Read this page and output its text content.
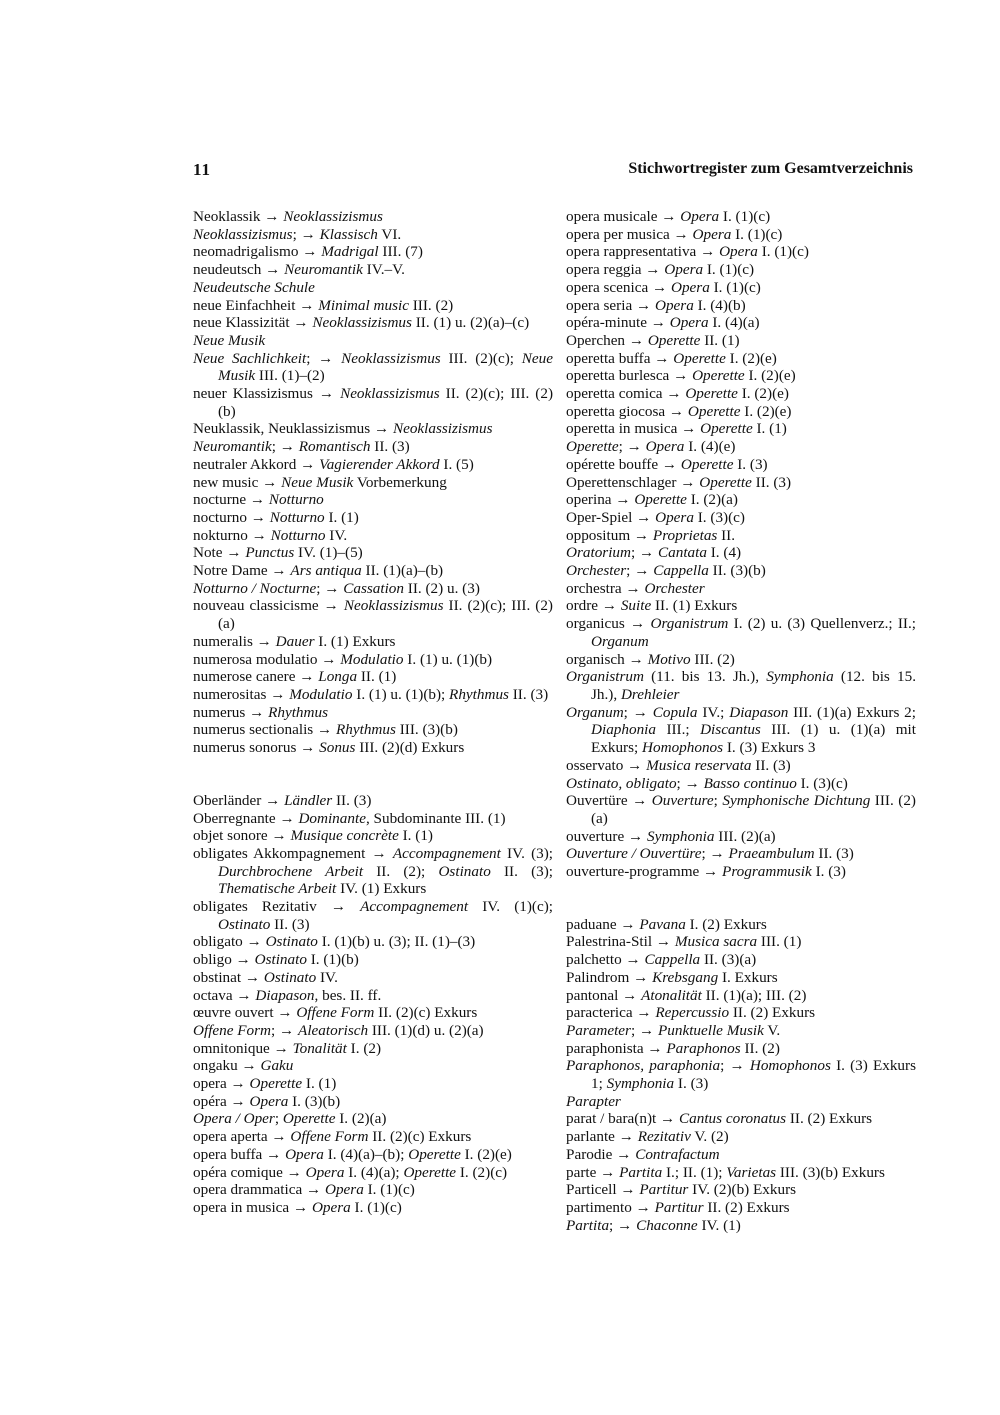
11	Stichwortregister zum Gesamtverzeichnis
Neoklassik → Neoklassizismus
Neoklassizismus; → Klassisch VI.
neomadrigalismo → Madrigal III. (7)
neudeutsch → Neuromantik IV.–V.
Neudeutsche Schule
neue Einfachheit → Minimal music III. (2)
neue Klassizität → Neoklassizismus II. (1) u. (2)(a)–(c)
Neue Musik
Neue Sachlichkeit; → Neoklassizismus III. (2)(c); Neue Musik III. (1)–(2)
neuer Klassizismus → Neoklassizismus II. (2)(c); III. (2)(b)
Neuklassik, Neuklassizismus → Neoklassizismus
Neuromantik; → Romantisch II. (3)
neutraler Akkord → Vagierender Akkord I. (5)
new music → Neue Musik Vorbemerkung
nocturne → Notturno
nocturno → Notturno I. (1)
nokturno → Notturno IV.
Note → Punctus IV. (1)–(5)
Notre Dame → Ars antiqua II. (1)(a)–(b)
Notturno / Nocturne; → Cassation II. (2) u. (3)
nouveau classicisme → Neoklassizismus II. (2)(c); III. (2)(a)
numeralis → Dauer I. (1) Exkurs
numerosa modulatio → Modulatio I. (1) u. (1)(b)
numerose canere → Longa II. (1)
numerositas → Modulatio I. (1) u. (1)(b); Rhythmus II. (3)
numerus → Rhythmus
numerus sectionalis → Rhythmus III. (3)(b)
numerus sonorus → Sonus III. (2)(d) Exkurs
Oberländer → Ländler II. (3)
Oberregnante → Dominante, Subdominante III. (1)
objet sonore → Musique concrète I. (1)
obligates Akkompagnement → Accompagnement IV. (3); Durchbrochene Arbeit II. (2); Ostinato II. (3); Thematische Arbeit IV. (1) Exkurs
obligates Rezitativ → Accompagnement IV. (1)(c); Ostinato II. (3)
obligato → Ostinato I. (1)(b) u. (3); II. (1)–(3)
obligo → Ostinato I. (1)(b)
obstinat → Ostinato IV.
octava → Diapason, bes. II. ff.
œuvre ouvert → Offene Form II. (2)(c) Exkurs
Offene Form; → Aleatorisch III. (1)(d) u. (2)(a)
omnitonique → Tonalität I. (2)
ongaku → Gaku
opera → Operette I. (1)
opéra → Opera I. (3)(b)
Opera / Oper; Operette I. (2)(a)
opera aperta → Offene Form II. (2)(c) Exkurs
opera buffa → Opera I. (4)(a)–(b); Operette I. (2)(e)
opéra comique → Opera I. (4)(a); Operette I. (2)(c)
opera drammatica → Opera I. (1)(c)
opera in musica → Opera I. (1)(c)
opera musicale → Opera I. (1)(c)
opera per musica → Opera I. (1)(c)
opera rappresentativa → Opera I. (1)(c)
opera reggia → Opera I. (1)(c)
opera scenica → Opera I. (1)(c)
opera seria → Opera I. (4)(b)
opéra-minute → Opera I. (4)(a)
Operchen → Operette II. (1)
operetta buffa → Operette I. (2)(e)
operetta burlesca → Operette I. (2)(e)
operetta comica → Operette I. (2)(e)
operetta giocosa → Operette I. (2)(e)
operetta in musica → Operette I. (1)
Operette; → Opera I. (4)(e)
opérette bouffe → Operette I. (3)
Operettenschlager → Operette II. (3)
operina → Operette I. (2)(a)
Oper-Spiel → Opera I. (3)(c)
oppositum → Proprietas II.
Oratorium; → Cantata I. (4)
Orchester; → Cappella II. (3)(b)
orchestra → Orchester
ordre → Suite II. (1) Exkurs
organicus → Organistrum I. (2) u. (3) Quellenverz.; II.; Organum
organisch → Motivo III. (2)
Organistrum (11. bis 13. Jh.), Symphonia (12. bis 15. Jh.), Drehleier
Organum; → Copula IV.; Diapason III. (1)(a) Exkurs 2; Diaphonia III.; Discantus III. (1) u. (1)(a) mit Exkurs; Homophonos I. (3) Exkurs 3
osservato → Musica reservata II. (3)
Ostinato, obligato; → Basso continuo I. (3)(c)
Ouvertüre → Ouverture; Symphonische Dichtung III. (2)(a)
ouverture → Symphonia III. (2)(a)
Ouverture / Ouvertüre; → Praeambulum II. (3)
ouverture-programme → Programmusik I. (3)
paduane → Pavana I. (2) Exkurs
Palestrina-Stil → Musica sacra III. (1)
palchetto → Cappella II. (3)(a)
Palindrom → Krebsgang I. Exkurs
pantonal → Atonalität II. (1)(a); III. (2)
paracterica → Repercussio II. (2) Exkurs
Parameter; → Punktuelle Musik V.
paraphonista → Paraphonos II. (2)
Paraphonos, paraphonia; → Homophonos I. (3) Exkurs 1; Symphonia I. (3)
Parapter
parat / bara(n)t → Cantus coronatus II. (2) Exkurs
parlante → Rezitativ V. (2)
Parodie → Contrafactum
parte → Partita I.; II. (1); Varietas III. (3)(b) Exkurs
Particell → Partitur IV. (2)(b) Exkurs
partimento → Partitur II. (2) Exkurs
Partita; → Chaconne IV. (1)
